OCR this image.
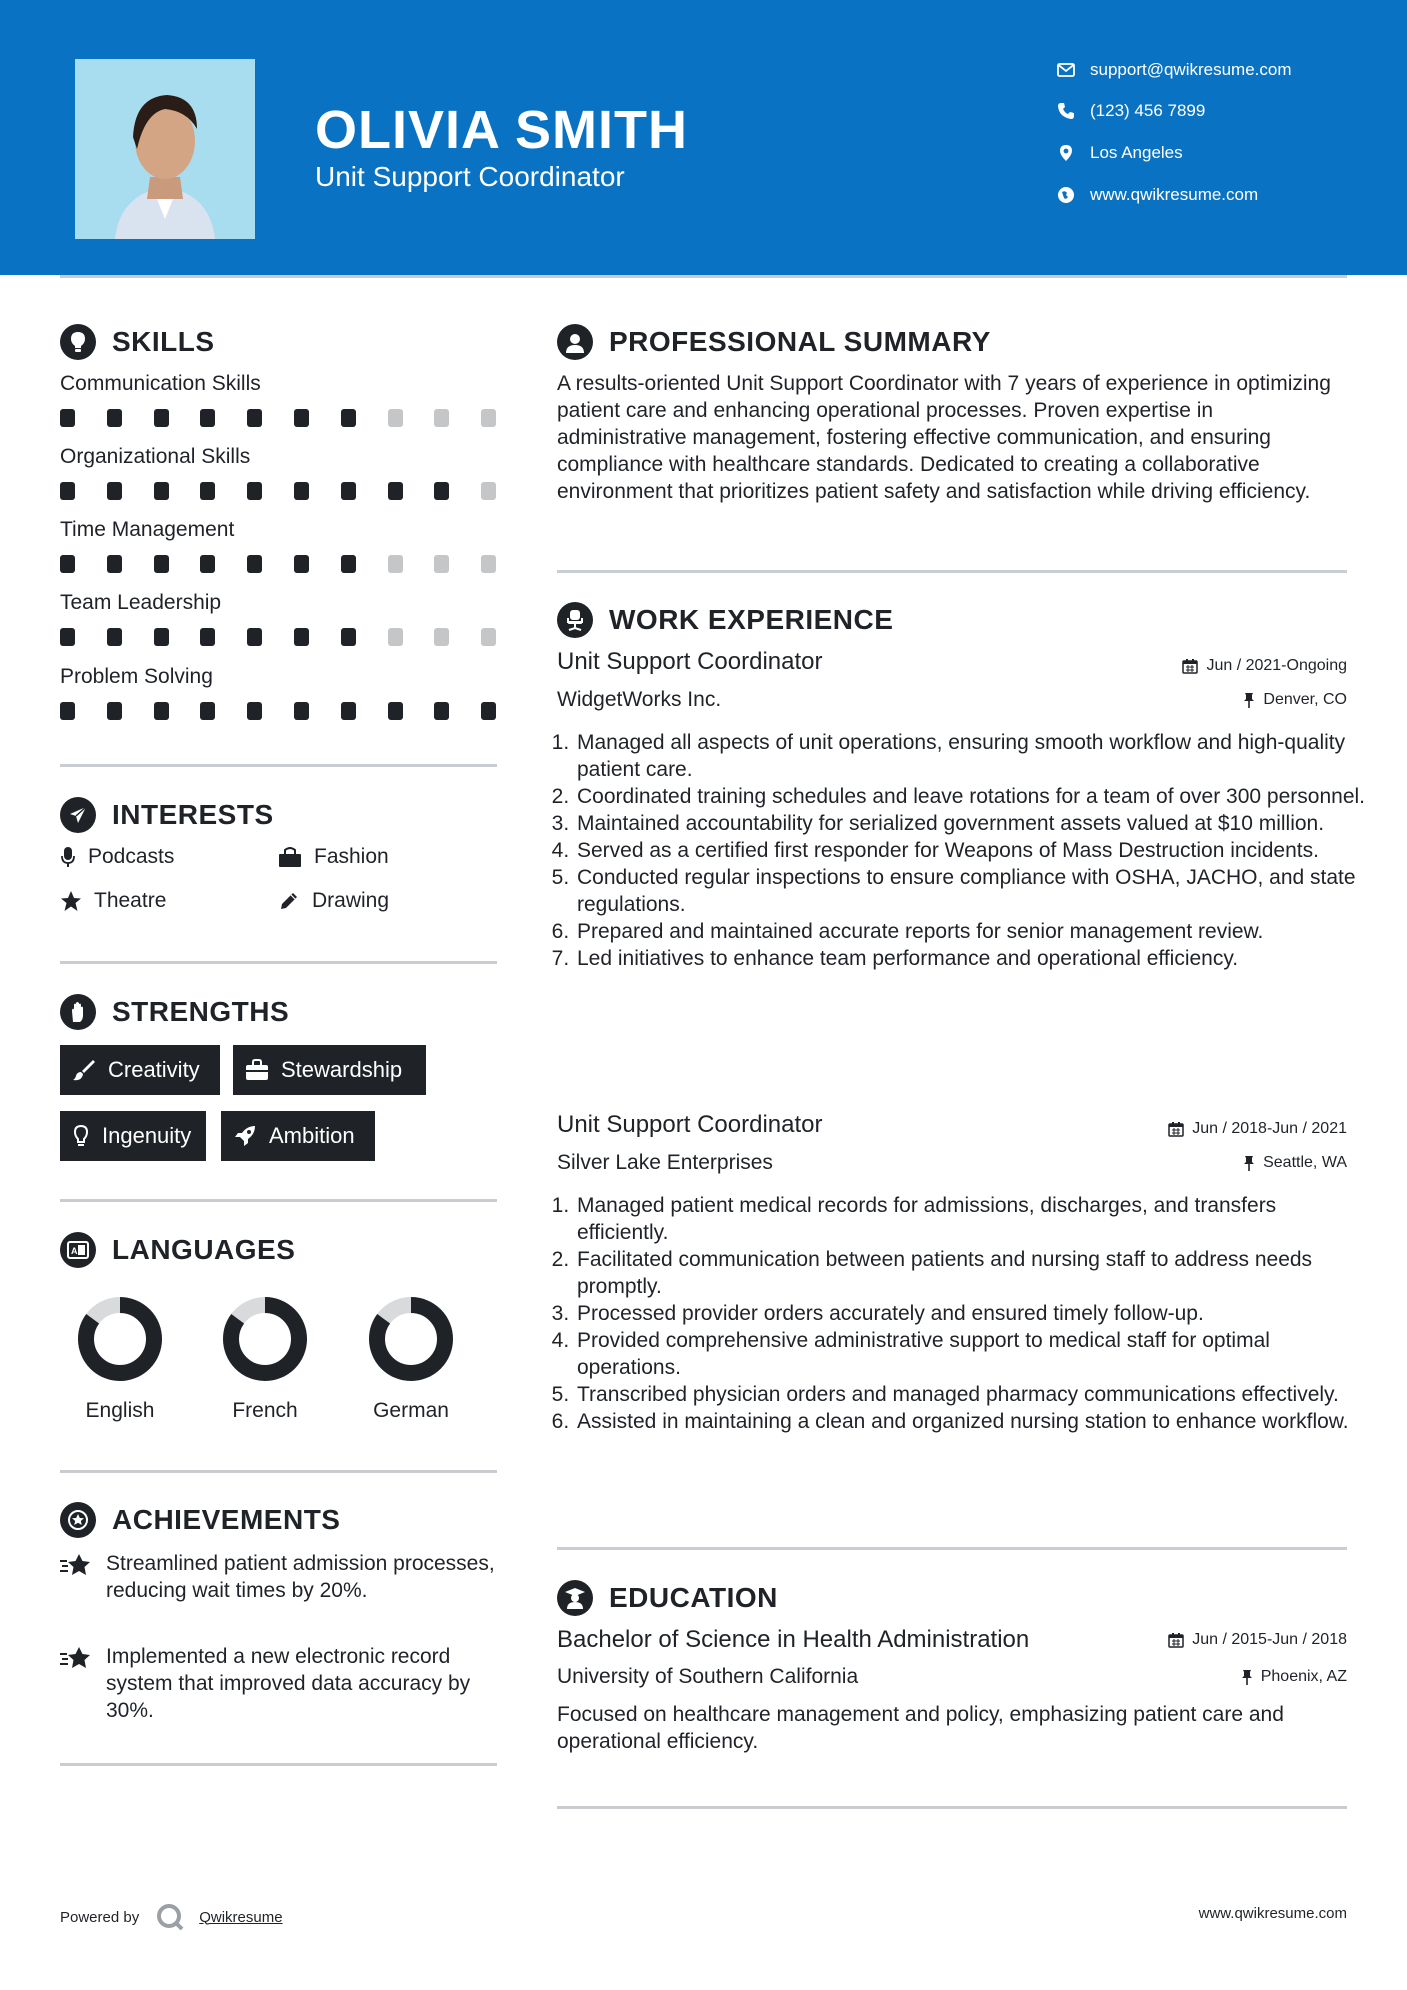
OLIVIA SMITH
Unit Support Coordinator
support@qwikresume.com
(123) 456 7899
Los Angeles
www.qwikresume.com
SKILLS
Communication Skills
Organizational Skills
Time Management
Team Leadership
Problem Solving
INTERESTS
Podcasts	Fashion
Theatre	Drawing
STRENGTHS
Creativity	Stewardship
Ingenuity	Ambition
A LANGUAGES
English	French	German
ACHIEVEMENTS
Streamlined patient admission processes, reducing wait times by 20%.
Implemented a new electronic record system that improved data accuracy by 30%.
PROFESSIONAL SUMMARY
A results-oriented Unit Support Coordinator with 7 years of experience in optimizing patient care and enhancing operational processes. Proven expertise in administrative management, fostering effective communication, and ensuring compliance with healthcare standards. Dedicated to creating a collaborative environment that prioritizes patient safety and satisfaction while driving efficiency.
WORK EXPERIENCE
Unit Support Coordinator	Jun / 2021-Ongoing
WidgetWorks Inc.	Denver, CO
1. Managed all aspects of unit operations, ensuring smooth workflow and high-quality patient care.
2. Coordinated training schedules and leave rotations for a team of over 300 personnel.
3. Maintained accountability for serialized government assets valued at $10 million.
4. Served as a certified first responder for Weapons of Mass Destruction incidents.
5. Conducted regular inspections to ensure compliance with OSHA, JACHO, and state regulations.
6. Prepared and maintained accurate reports for senior management review.
7. Led initiatives to enhance team performance and operational efficiency.
Unit Support Coordinator	Jun / 2018-Jun / 2021
Silver Lake Enterprises	Seattle, WA
1. Managed patient medical records for admissions, discharges, and transfers efficiently.
2. Facilitated communication between patients and nursing staff to address needs promptly.
3. Processed provider orders accurately and ensured timely follow-up.
4. Provided comprehensive administrative support to medical staff for optimal operations.
5. Transcribed physician orders and managed pharmacy communications effectively.
6. Assisted in maintaining a clean and organized nursing station to enhance workflow.
EDUCATION
Bachelor of Science in Health Administration	Jun / 2015-Jun / 2018
University of Southern California	Phoenix, AZ
Focused on healthcare management and policy, emphasizing patient care and operational efficiency.
Powered by	Qwikresume	www.qwikresume.com
